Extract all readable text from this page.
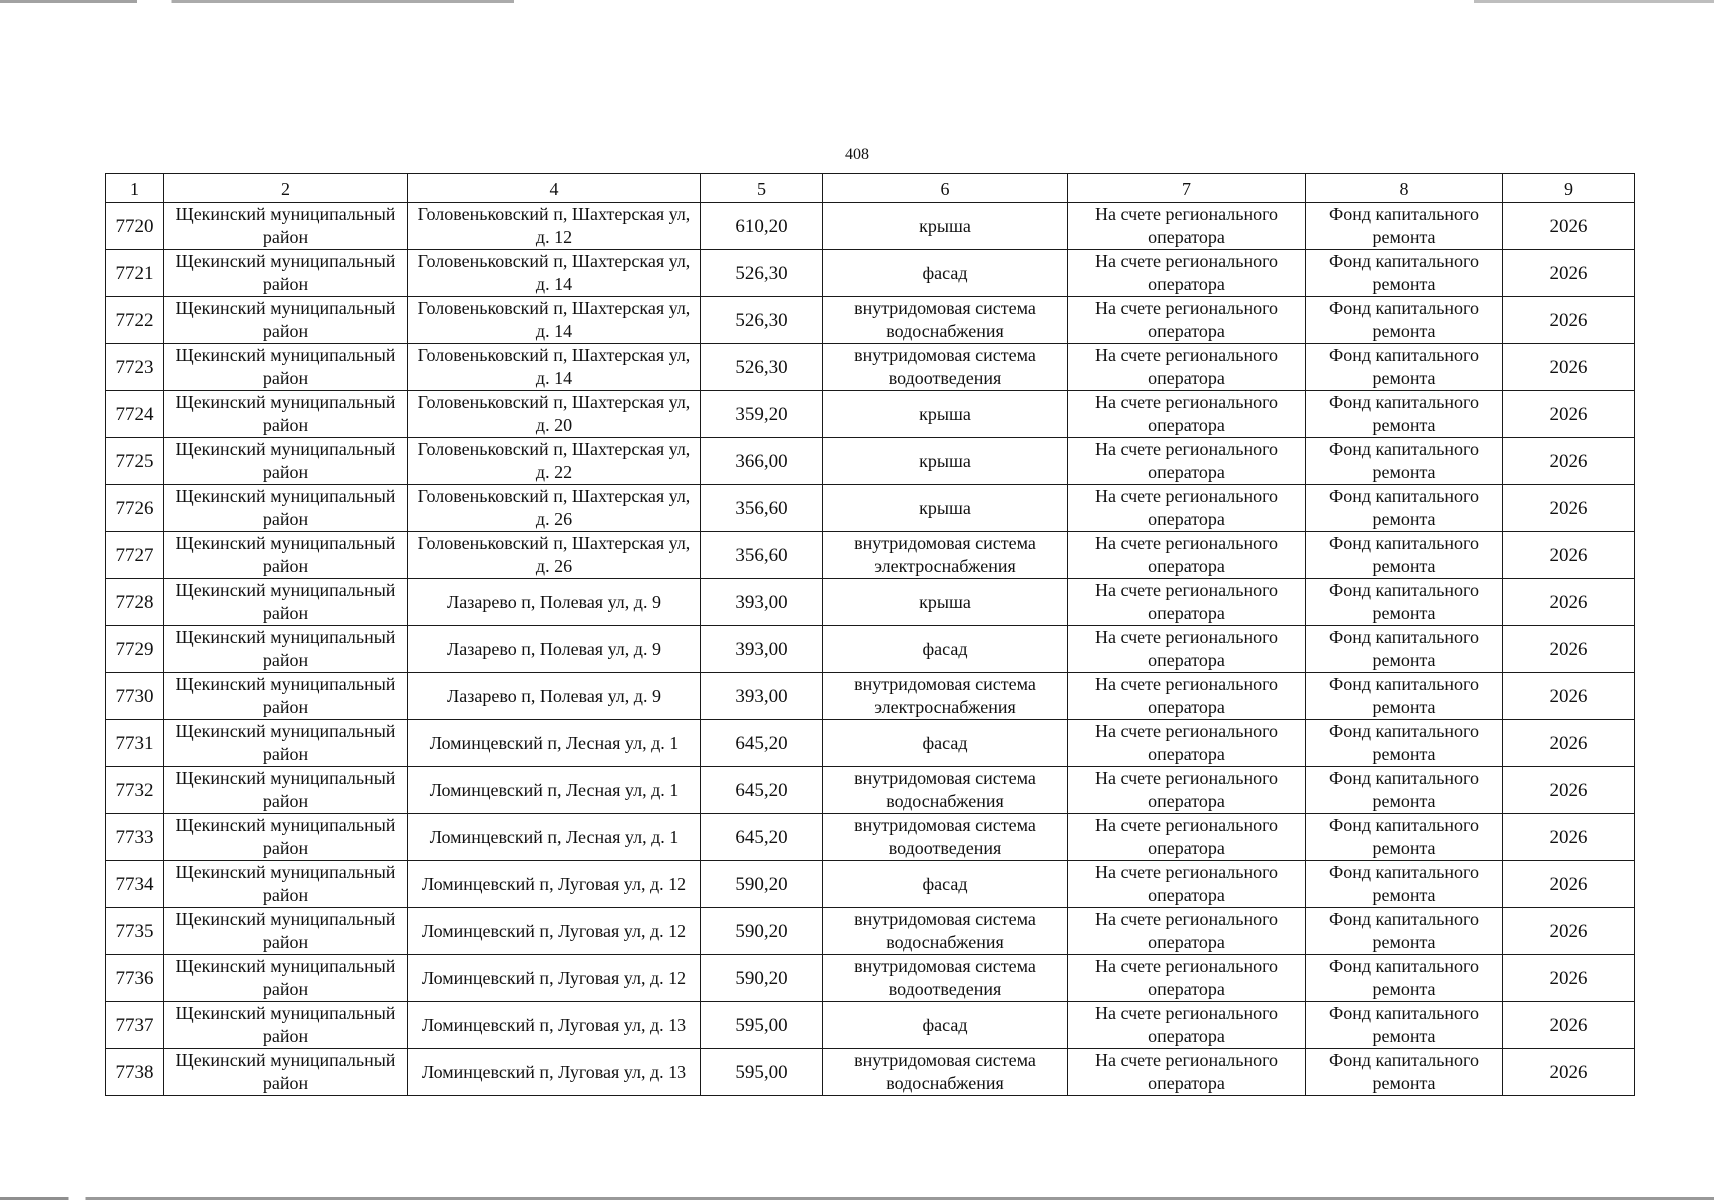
408
1	2	4	5	6	7	8	9
7720	Щекинский муниципальный район	Головеньковский п, Шахтерская ул, д. 12	610,20	крыша	На счете регионального оператора	Фонд капитального ремонта	2026
7721	Щекинский муниципальный район	Головеньковский п, Шахтерская ул, д. 14	526,30	фасад	На счете регионального оператора	Фонд капитального ремонта	2026
7722	Щекинский муниципальный район	Головеньковский п, Шахтерская ул, д. 14	526,30	внутридомовая система водоснабжения	На счете регионального оператора	Фонд капитального ремонта	2026
7723	Щекинский муниципальный район	Головеньковский п, Шахтерская ул, д. 14	526,30	внутридомовая система водоотведения	На счете регионального оператора	Фонд капитального ремонта	2026
7724	Щекинский муниципальный район	Головеньковский п, Шахтерская ул, д. 20	359,20	крыша	На счете регионального оператора	Фонд капитального ремонта	2026
7725	Щекинский муниципальный район	Головеньковский п, Шахтерская ул, д. 22	366,00	крыша	На счете регионального оператора	Фонд капитального ремонта	2026
7726	Щекинский муниципальный район	Головеньковский п, Шахтерская ул, д. 26	356,60	крыша	На счете регионального оператора	Фонд капитального ремонта	2026
7727	Щекинский муниципальный район	Головеньковский п, Шахтерская ул, д. 26	356,60	внутридомовая система электроснабжения	На счете регионального оператора	Фонд капитального ремонта	2026
7728	Щекинский муниципальный район	Лазарево п, Полевая ул, д. 9	393,00	крыша	На счете регионального оператора	Фонд капитального ремонта	2026
7729	Щекинский муниципальный район	Лазарево п, Полевая ул, д. 9	393,00	фасад	На счете регионального оператора	Фонд капитального ремонта	2026
7730	Щекинский муниципальный район	Лазарево п, Полевая ул, д. 9	393,00	внутридомовая система электроснабжения	На счете регионального оператора	Фонд капитального ремонта	2026
7731	Щекинский муниципальный район	Ломинцевский п, Лесная ул, д. 1	645,20	фасад	На счете регионального оператора	Фонд капитального ремонта	2026
7732	Щекинский муниципальный район	Ломинцевский п, Лесная ул, д. 1	645,20	внутридомовая система водоснабжения	На счете регионального оператора	Фонд капитального ремонта	2026
7733	Щекинский муниципальный район	Ломинцевский п, Лесная ул, д. 1	645,20	внутридомовая система водоотведения	На счете регионального оператора	Фонд капитального ремонта	2026
7734	Щекинский муниципальный район	Ломинцевский п, Луговая ул, д. 12	590,20	фасад	На счете регионального оператора	Фонд капитального ремонта	2026
7735	Щекинский муниципальный район	Ломинцевский п, Луговая ул, д. 12	590,20	внутридомовая система водоснабжения	На счете регионального оператора	Фонд капитального ремонта	2026
7736	Щекинский муниципальный район	Ломинцевский п, Луговая ул, д. 12	590,20	внутридомовая система водоотведения	На счете регионального оператора	Фонд капитального ремонта	2026
7737	Щекинский муниципальный район	Ломинцевский п, Луговая ул, д. 13	595,00	фасад	На счете регионального оператора	Фонд капитального ремонта	2026
7738	Щекинский муниципальный район	Ломинцевский п, Луговая ул, д. 13	595,00	внутридомовая система водоснабжения	На счете регионального оператора	Фонд капитального ремонта	2026
